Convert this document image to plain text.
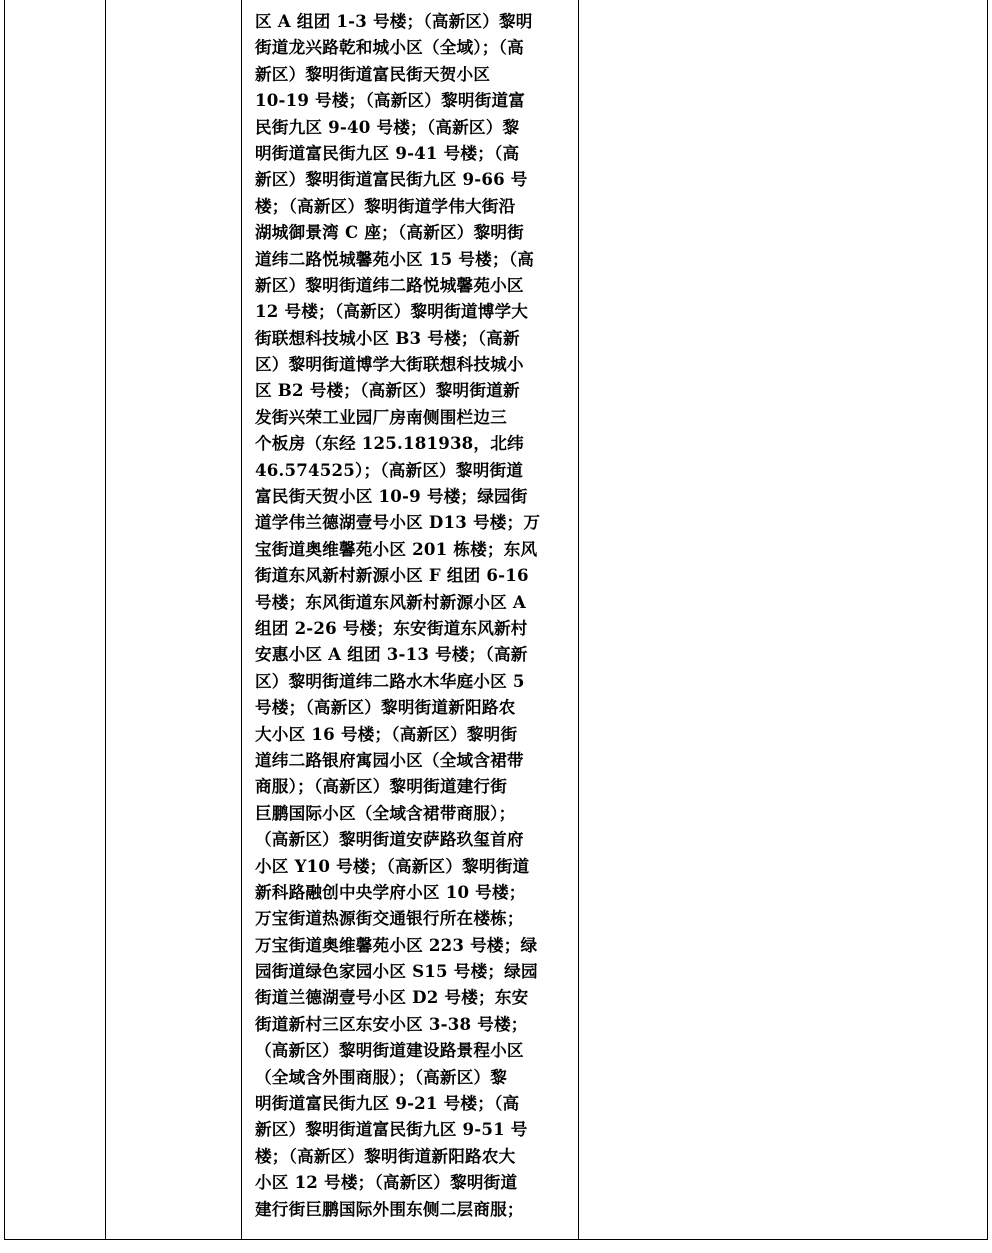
区 A 组团 1-3 号楼；（高新区）黎明
街道龙兴路乾和城小区（全域）；（高
新区）黎明街道富民街天贺小区
10-19 号楼；（高新区）黎明街道富
民街九区 9-40 号楼；（高新区）黎
明街道富民街九区 9-41 号楼；（高
新区）黎明街道富民街九区 9-66 号
楼；（高新区）黎明街道学伟大街沿
湖城御景湾 C 座；（高新区）黎明街
道纬二路悦城馨苑小区 15 号楼；（高
新区）黎明街道纬二路悦城馨苑小区
12 号楼；（高新区）黎明街道博学大
街联想科技城小区 B3 号楼；（高新
区）黎明街道博学大街联想科技城小
区 B2 号楼；（高新区）黎明街道新
发街兴荣工业园厂房南侧围栏边三
个板房（东经 125.181938，北纬
46.574525）；（高新区）黎明街道
富民街天贺小区 10-9 号楼；绿园街
道学伟兰德湖壹号小区 D13 号楼；万
宝街道奥维馨苑小区 201 栋楼；东风
街道东风新村新源小区 F 组团 6-16
号楼；东风街道东风新村新源小区 A
组团 2-26 号楼；东安街道东风新村
安惠小区 A 组团 3-13 号楼；（高新
区）黎明街道纬二路水木华庭小区 5
号楼；（高新区）黎明街道新阳路农
大小区 16 号楼；（高新区）黎明街
道纬二路银府寓园小区（全域含裙带
商服）；（高新区）黎明街道建行街
巨鹏国际小区（全域含裙带商服）；
（高新区）黎明街道安萨路玖玺首府
小区 Y10 号楼；（高新区）黎明街道
新科路融创中央学府小区 10 号楼；
万宝街道热源街交通银行所在楼栋；
万宝街道奥维馨苑小区 223 号楼；绿
园街道绿色家园小区 S15 号楼；绿园
街道兰德湖壹号小区 D2 号楼；东安
街道新村三区东安小区 3-38 号楼；
（高新区）黎明街道建设路景程小区
（全域含外围商服）；（高新区）黎
明街道富民街九区 9-21 号楼；（高
新区）黎明街道富民街九区 9-51 号
楼；（高新区）黎明街道新阳路农大
小区 12 号楼；（高新区）黎明街道
建行街巨鹏国际外围东侧二层商服；
